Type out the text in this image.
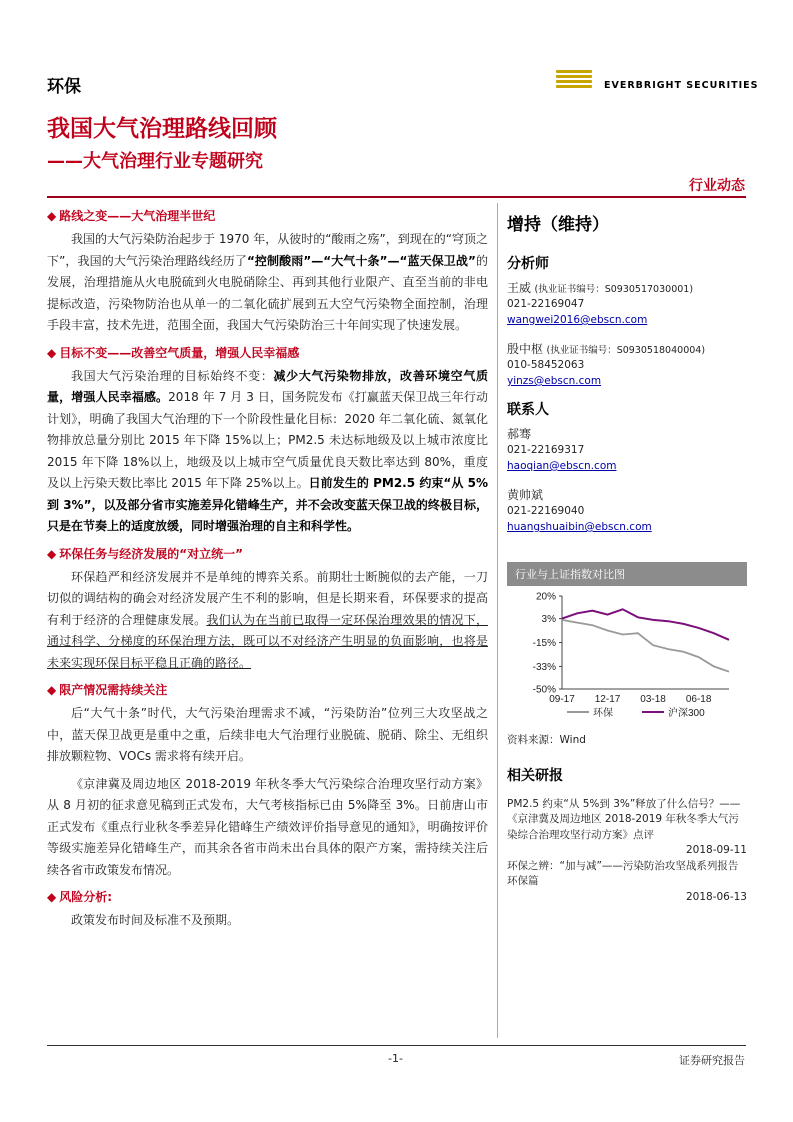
环保	EVERBRIGHT SECURITIES
我国大气治理路线回顾
——大气治理行业专题研究
行业动态
◆ 路线之变——大气治理半世纪

我国的大气污染防治起步于 1970 年，从彼时的“酸雨之殇”，到现在的“穹顶之下”，我国的大气污染治理路线经历了“控制酸雨”—“大气十条”—“蓝天保卫战”的发展，治理措施从火电脱硫到火电脱硝除尘、再到其他行业限产、直至当前的非电提标改造，污染物防治也从单一的二氧化硫扩展到五大空气污染物全面控制，治理手段丰富，技术先进，范围全面，我国大气污染防治三十年间实现了快速发展。

◆ 目标不变——改善空气质量，增强人民幸福感

我国大气污染治理的目标始终不变：减少大气污染物排放，改善环境空气质量，增强人民幸福感。2018 年 7 月 3 日，国务院发布《打赢蓝天保卫战三年行动计划》，明确了我国大气治理的下一个阶段性量化目标：2020 年二氧化硫、氮氧化物排放总量分别比 2015 年下降 15%以上；PM2.5 未达标地级及以上城市浓度比 2015 年下降 18%以上，地级及以上城市空气质量优良天数比率达到 80%，重度及以上污染天数比率比 2015 年下降 25%以上。日前发生的 PM2.5 约束“从 5%到 3%”，以及部分省市实施差异化错峰生产，并不会改变蓝天保卫战的终极目标，只是在节奏上的适度放缓，同时增强治理的自主和科学性。

◆ 环保任务与经济发展的“对立统一”

环保趋严和经济发展并不是单纯的博弈关系。前期壮士断腕似的去产能，一刀切似的调结构的确会对经济发展产生不利的影响，但是长期来看，环保要求的提高有利于经济的合理健康发展。我们认为在当前已取得一定环保治理效果的情况下，通过科学、分梯度的环保治理方法，既可以不对经济产生明显的负面影响，也将是未来实现环保目标平稳且正确的路径。

◆ 限产情况需持续关注

后“大气十条”时代，大气污染治理需求不减，“污染防治”位列三大攻坚战之中，蓝天保卫战更是重中之重，后续非电大气治理行业脱硫、脱硝、除尘、无组织排放颗粒物、VOCs 需求将有续开启。

《京津冀及周边地区 2018-2019 年秋冬季大气污染综合治理攻坚行动方案》从 8 月初的征求意见稿到正式发布，大气考核指标已由 5%降至 3%。日前唐山市正式发布《重点行业秋冬季差异化错峰生产绩效评价指导意见的通知》，明确按评价等级实施差异化错峰生产，而其余各省市尚未出台具体的限产方案，需持续关注后续各省市政策发布情况。

◆ 风险分析:

政策发布时间及标准不及预期。

增持（维持）
分析师
王威 (执业证书编号：S0930517030001)
021-22169047
wangwei2016@ebscn.com
殷中枢 (执业证书编号：S0930518040004)
010-58452063
yinzs@ebscn.com
联系人
郝骞
021-22169317
haoqian@ebscn.com
黄帅斌
021-22169040
huangshuaibin@ebscn.com
行业与上证指数对比图
20%
3%
-15%
-33%
-50%
09-17 12-17 03-18 06-18
环保	沪深300
资料来源：Wind
相关研报
PM2.5 约束“从 5%到 3%”释放了什么信号？——《京津冀及周边地区 2018-2019 年秋冬季大气污染综合治理攻坚行动方案》点评
2018-09-11
环保之辨：“加与减”——污染防治攻坚战系列报告环保篇
2018-06-13
-1-	证券研究报告
